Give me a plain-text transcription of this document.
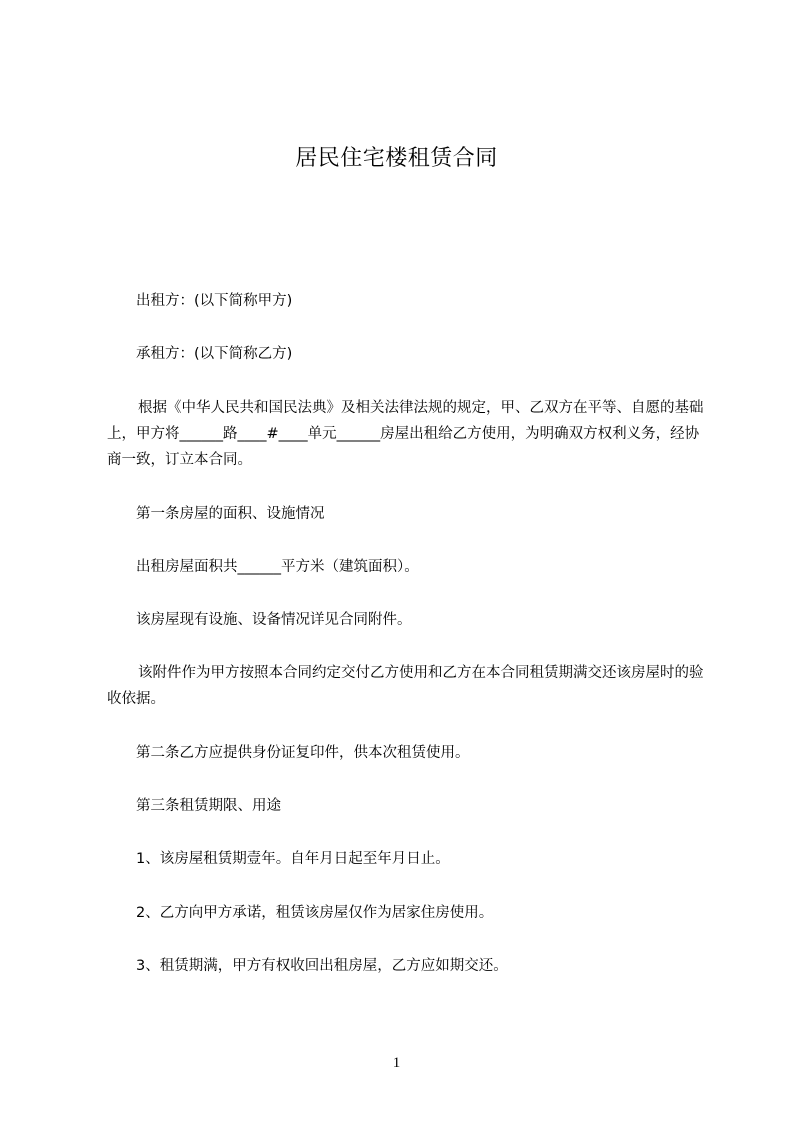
居民住宅楼租赁合同
出租方：(以下简称甲方)
承租方：(以下简称乙方)
根据《中华人民共和国民法典》及相关法律法规的规定，甲、乙双方在平等、自愿的基础上，甲方将______路____#____单元______房屋出租给乙方使用，为明确双方权利义务，经协商一致，订立本合同。
第一条房屋的面积、设施情况
出租房屋面积共______平方米（建筑面积）。
该房屋现有设施、设备情况详见合同附件。
该附件作为甲方按照本合同约定交付乙方使用和乙方在本合同租赁期满交还该房屋时的验收依据。
第二条乙方应提供身份证复印件，供本次租赁使用。
第三条租赁期限、用途
1、该房屋租赁期壹年。自年月日起至年月日止。
2、乙方向甲方承诺，租赁该房屋仅作为居家住房使用。
3、租赁期满，甲方有权收回出租房屋，乙方应如期交还。
1
